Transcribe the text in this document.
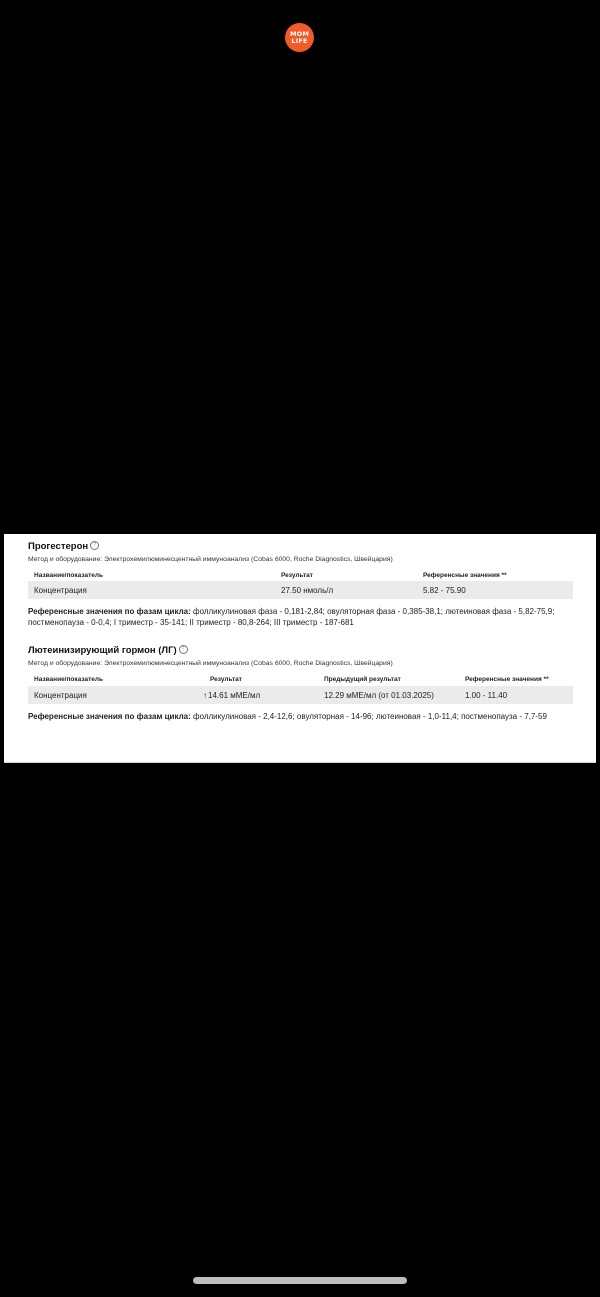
MOM
LIFE
Прогестерон ?
Метод и оборудование: Электрохемилюминесцентный иммуноанализ (Cobas 6000, Roche Diagnostics, Швейцария)
Название/показатель	Результат	Референсные значения **
Концентрация	27.50 нмоль/л	5.82 - 75.90
Референсные значения по фазам цикла: фолликулиновая фаза - 0,181-2,84; овуляторная фаза - 0,385-38,1; лютеиновая фаза - 5,82-75,9; постменопауза - 0-0,4; I триместр - 35-141; II триместр - 80,8-264; III триместр - 187-681
Лютеинизирующий гормон (ЛГ) ?
Метод и оборудование: Электрохемилюминесцентный иммуноанализ (Cobas 6000, Roche Diagnostics, Швейцария)
Название/показатель	Результат	Предыдущий результат	Референсные значения **
Концентрация	↑14.61 мМЕ/мл	12.29 мМЕ/мл (от 01.03.2025)	1.00 - 11.40
Референсные значения по фазам цикла: фолликулиновая - 2,4-12,6; овуляторная - 14-96; лютеиновая - 1,0-11,4; постменопауза - 7,7-59
